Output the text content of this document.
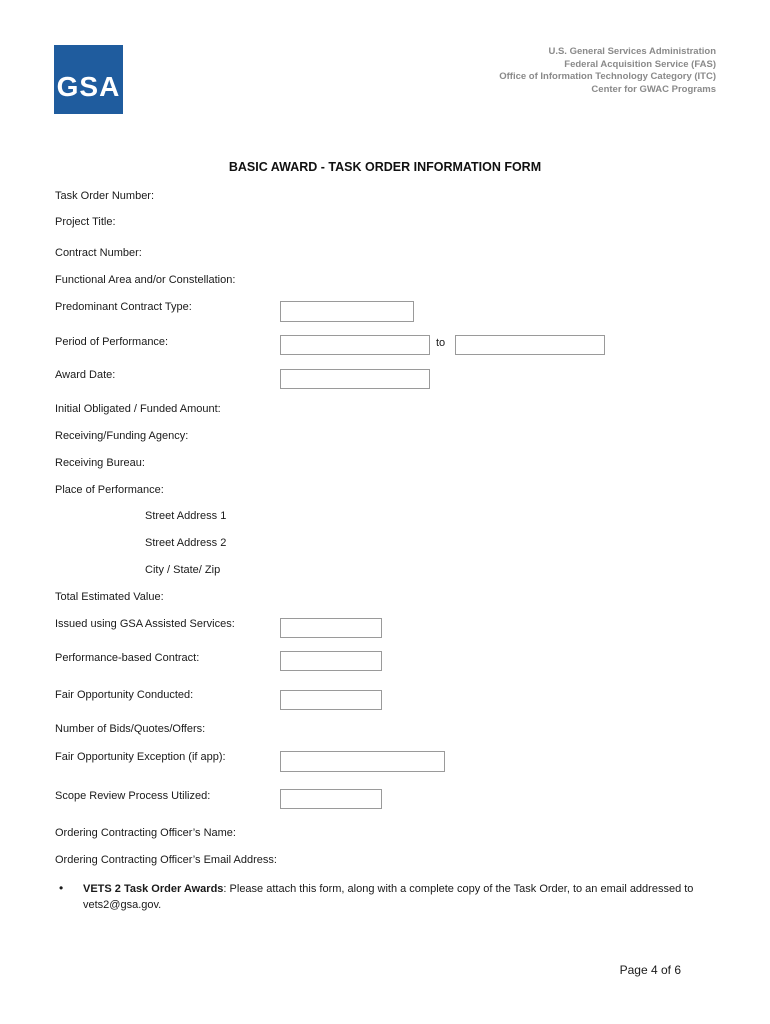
GSA
U.S. General Services Administration
Federal Acquisition Service (FAS)
Office of Information Technology Category (ITC)
Center for GWAC Programs
BASIC AWARD - TASK ORDER INFORMATION FORM
Task Order Number:
Project Title:
Contract Number:
Functional Area and/or Constellation:
Predominant Contract Type:
Period of Performance:	to
Award Date:
Initial Obligated / Funded Amount:
Receiving/Funding Agency:
Receiving Bureau:
Place of Performance:
Street Address 1
Street Address 2
City / State/ Zip
Total Estimated Value:
Issued using GSA Assisted Services:
Performance-based Contract:
Fair Opportunity Conducted:
Number of Bids/Quotes/Offers:
Fair Opportunity Exception (if app):
Scope Review Process Utilized:
Ordering Contracting Officer’s Name:
Ordering Contracting Officer’s Email Address:
• VETS 2 Task Order Awards: Please attach this form, along with a complete copy of the Task Order, to an email addressed to vets2@gsa.gov.
Page 4 of 6
